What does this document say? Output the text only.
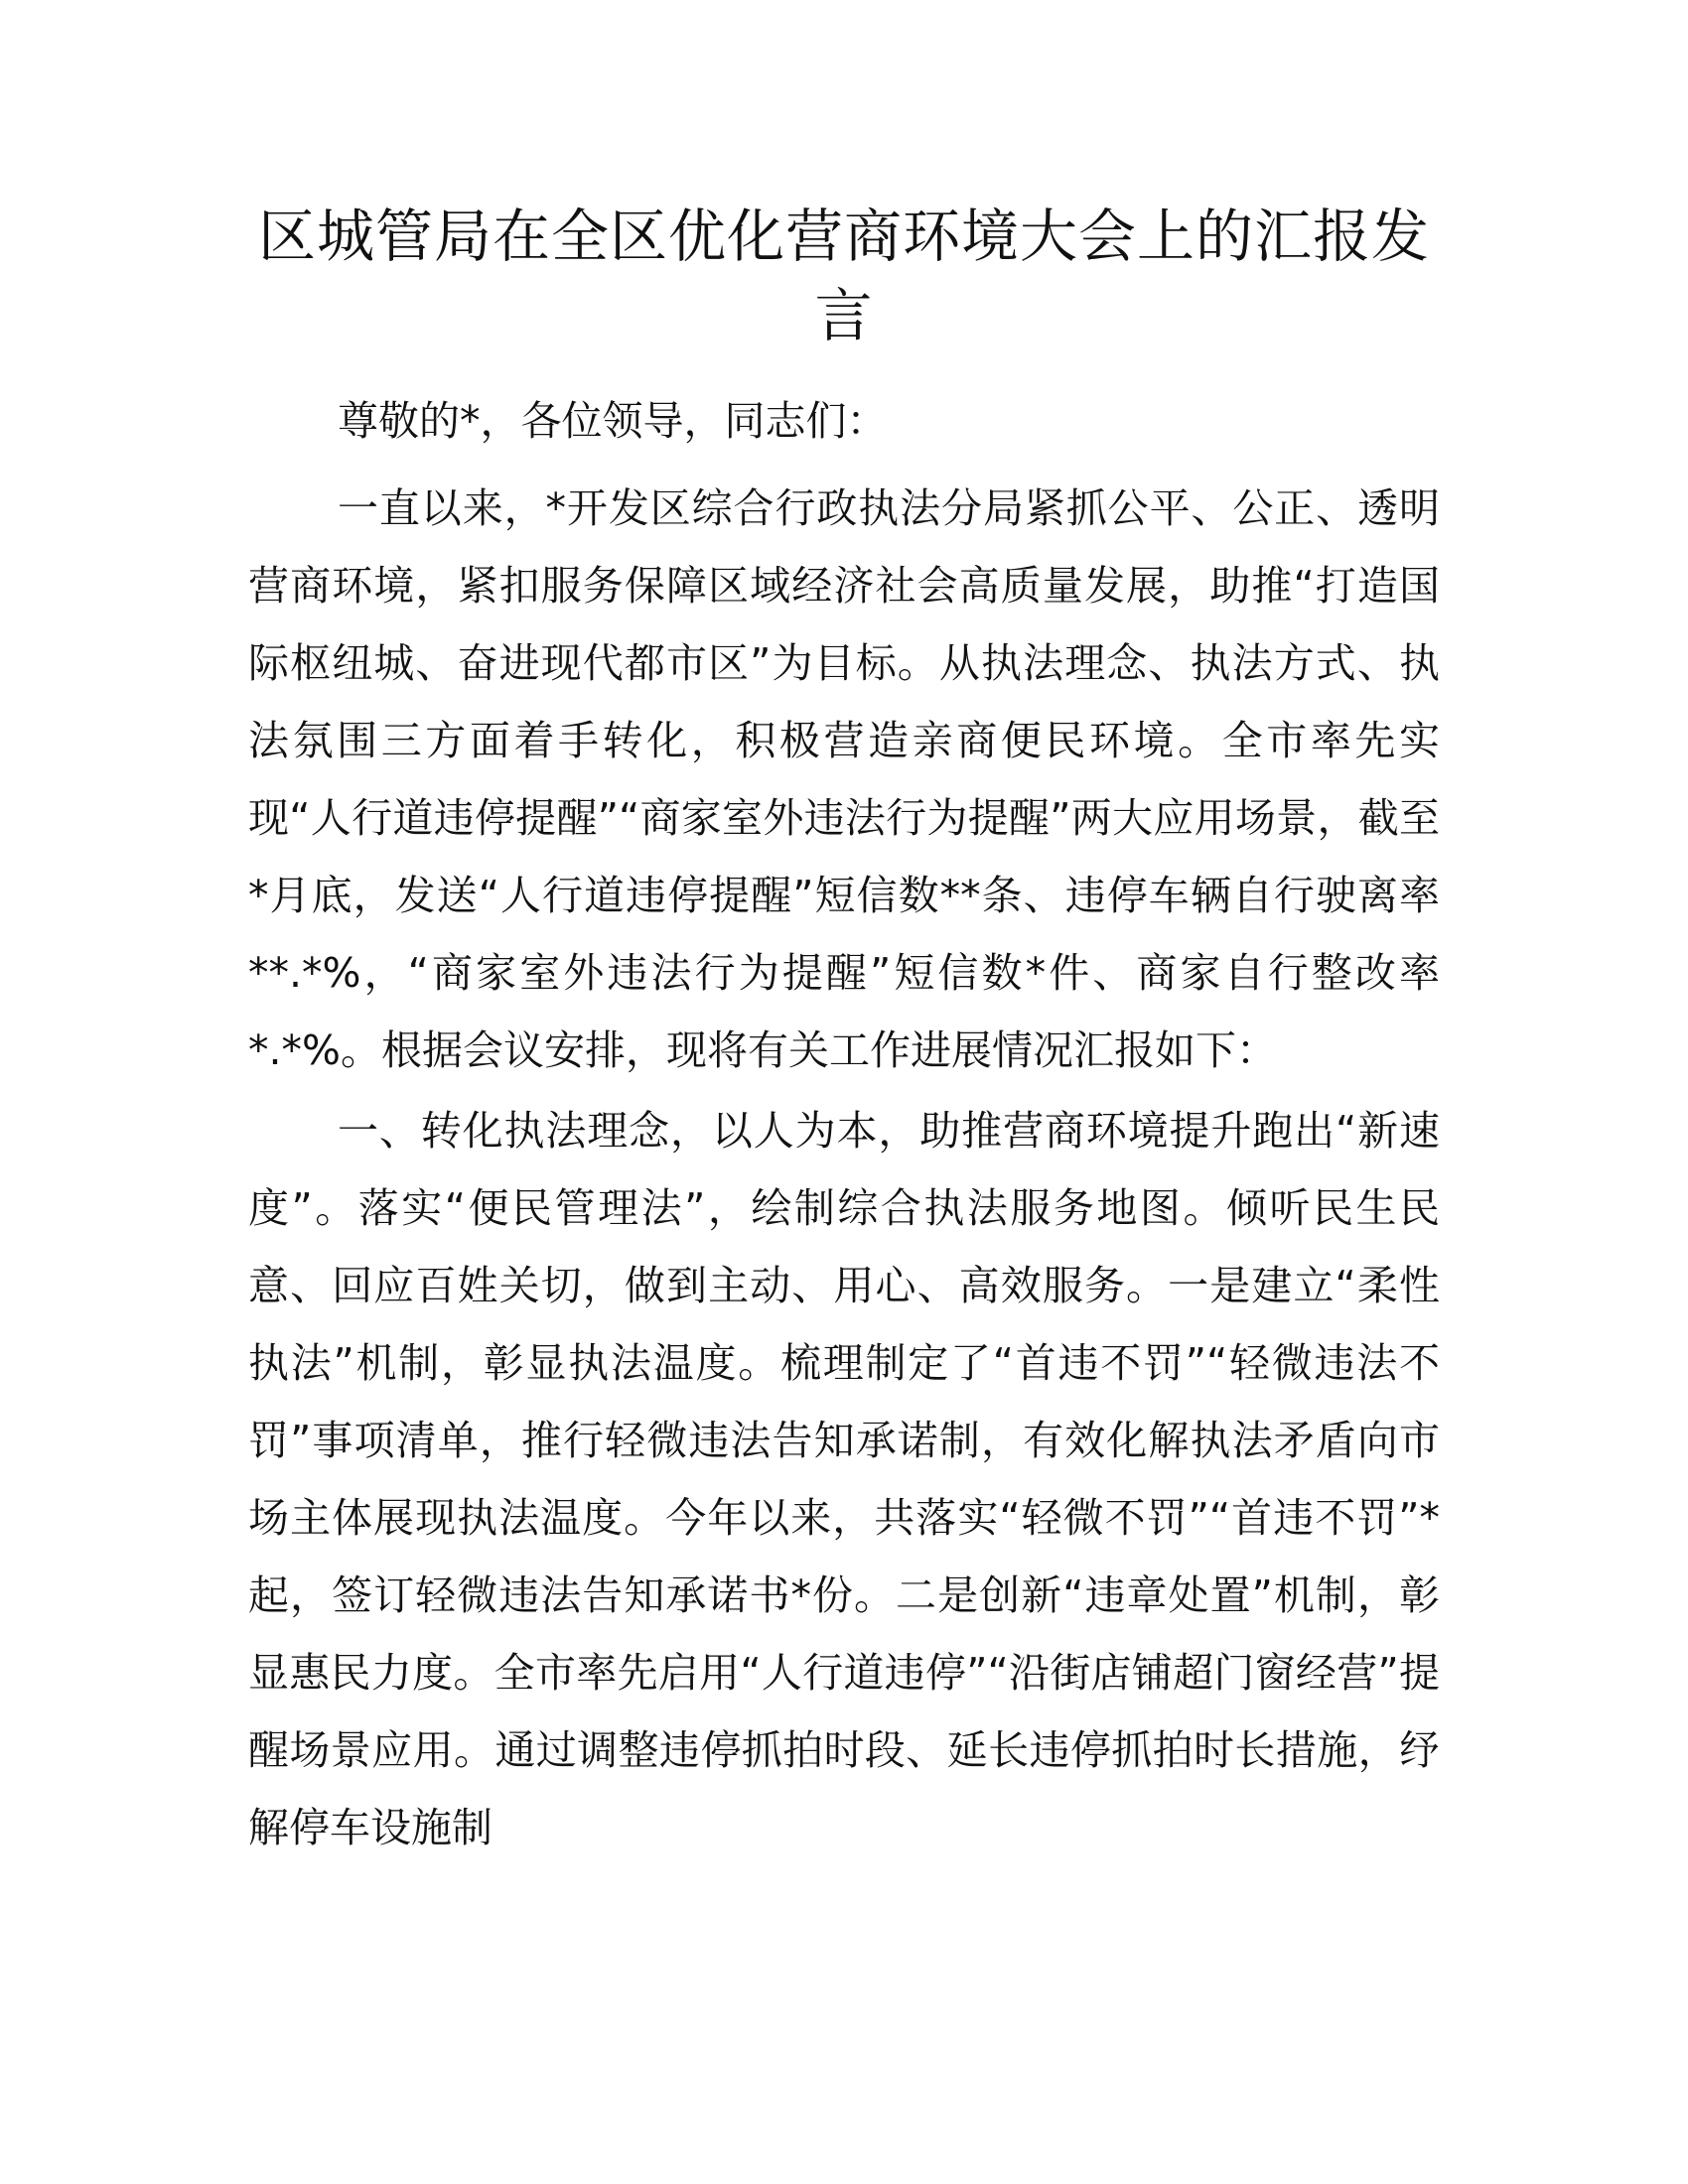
区城管局在全区优化营商环境大会上的汇报发言

尊敬的*，各位领导，同志们：

一直以来，*开发区综合行政执法分局紧抓公平、公正、透明营商环境，紧扣服务保障区域经济社会高质量发展，助推“打造国际枢纽城、奋进现代都市区”为目标。从执法理念、执法方式、执法氛围三方面着手转化，积极营造亲商便民环境。全市率先实现“人行道违停提醒”“商家室外违法行为提醒”两大应用场景，截至*月底，发送“人行道违停提醒”短信数**条、违停车辆自行驶离率**.*%，“商家室外违法行为提醒”短信数*件、商家自行整改率*.*%。根据会议安排，现将有关工作进展情况汇报如下：

一、转化执法理念，以人为本，助推营商环境提升跑出“新速度”。落实“便民管理法”，绘制综合执法服务地图。倾听民生民意、回应百姓关切，做到主动、用心、高效服务。一是建立“柔性执法”机制，彰显执法温度。梳理制定了“首违不罚”“轻微违法不罚”事项清单，推行轻微违法告知承诺制，有效化解执法矛盾向市场主体展现执法温度。今年以来，共落实“轻微不罚”“首违不罚”*起，签订轻微违法告知承诺书*份。二是创新“违章处置”机制，彰显惠民力度。全市率先启用“人行道违停”“沿街店铺超门窗经营”提醒场景应用。通过调整违停抓拍时段、延长违停抓拍时长措施，纾解停车设施制
